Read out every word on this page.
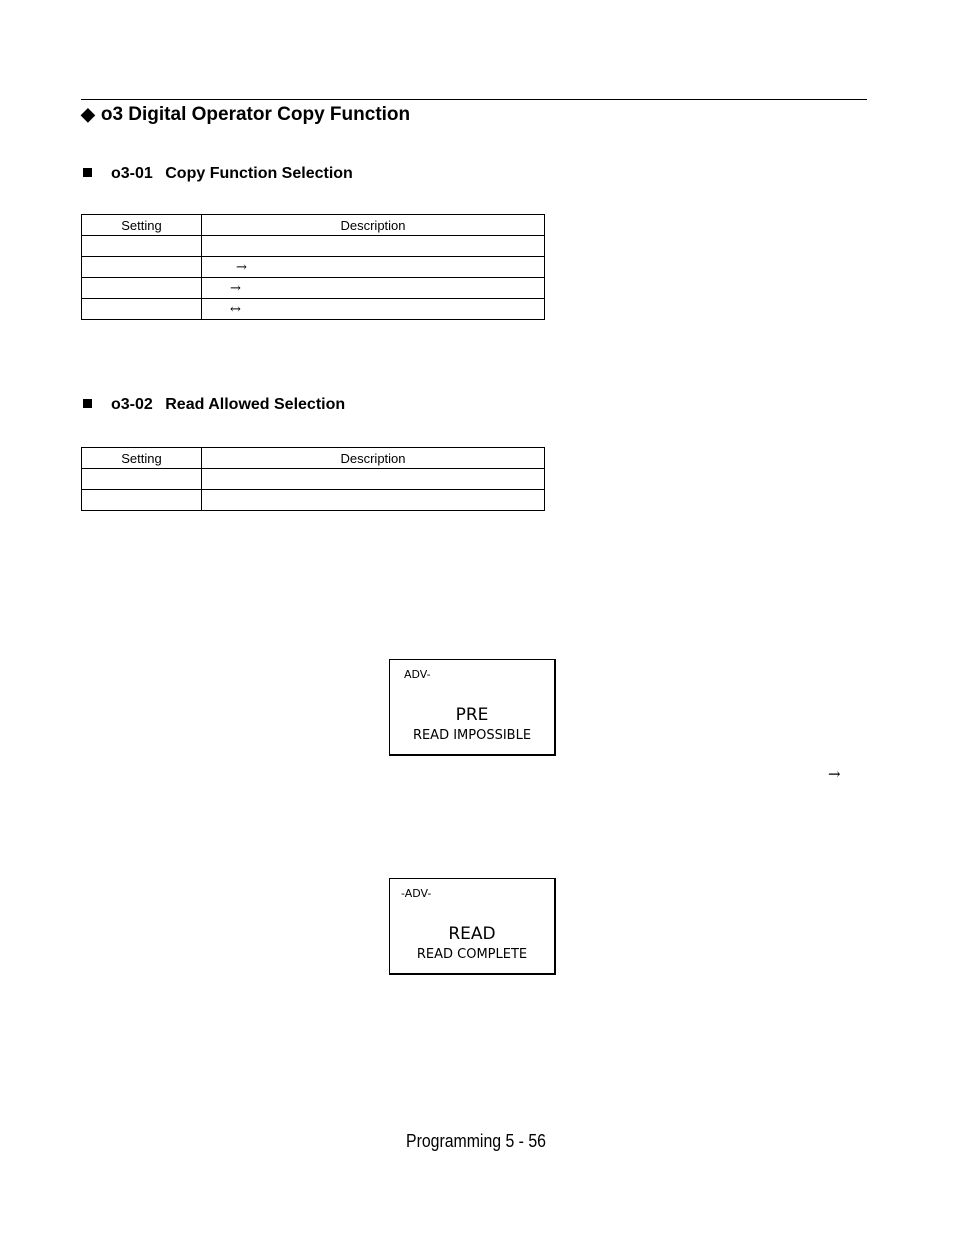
◆ o3 Digital Operator Copy Function
o3-01 Copy Function Selection
Setting	Description

	→
	→
	↔
o3-02 Read Allowed Selection
Setting	Description

ADV-
PRE
READ IMPOSSIBLE
→
-ADV-
READ
READ COMPLETE
Programming 5 - 56
